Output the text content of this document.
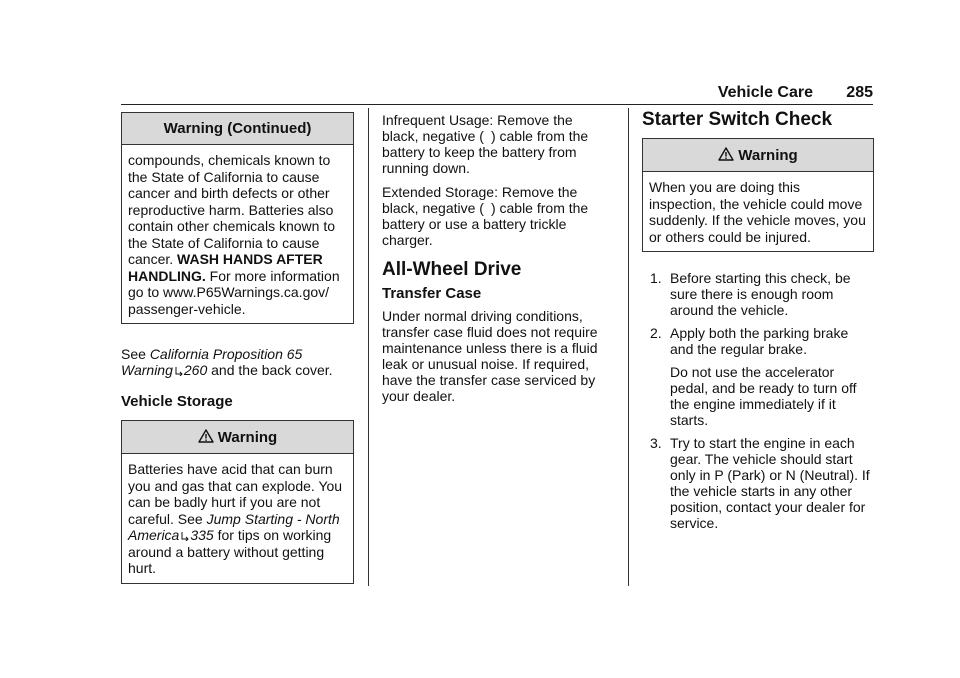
Vehicle Care 285
Warning (Continued)

compounds, chemicals known to the State of California to cause cancer and birth defects or other reproductive harm. Batteries also contain other chemicals known to the State of California to cause cancer. WASH HANDS AFTER HANDLING. For more information go to www.P65Warnings.ca.gov/ passenger-vehicle.

See California Proposition 65 Warning 260 and the back cover.

Vehicle Storage
Warning

Batteries have acid that can burn you and gas that can explode. You can be badly hurt if you are not careful. See Jump Starting - North America 335 for tips on working around a battery without getting hurt.

Infrequent Usage: Remove the black, negative ( ) cable from the battery to keep the battery from running down.

Extended Storage: Remove the black, negative ( ) cable from the battery or use a battery trickle charger.

All-Wheel Drive
Transfer Case

Under normal driving conditions, transfer case fluid does not require maintenance unless there is a fluid leak or unusual noise. If required, have the transfer case serviced by your dealer.

Starter Switch Check
Warning

When you are doing this inspection, the vehicle could move suddenly. If the vehicle moves, you or others could be injured.

1. Before starting this check, be sure there is enough room around the vehicle.
2. Apply both the parking brake and the regular brake.
Do not use the accelerator pedal, and be ready to turn off the engine immediately if it starts.
3. Try to start the engine in each gear. The vehicle should start only in P (Park) or N (Neutral). If the vehicle starts in any other position, contact your dealer for service.
